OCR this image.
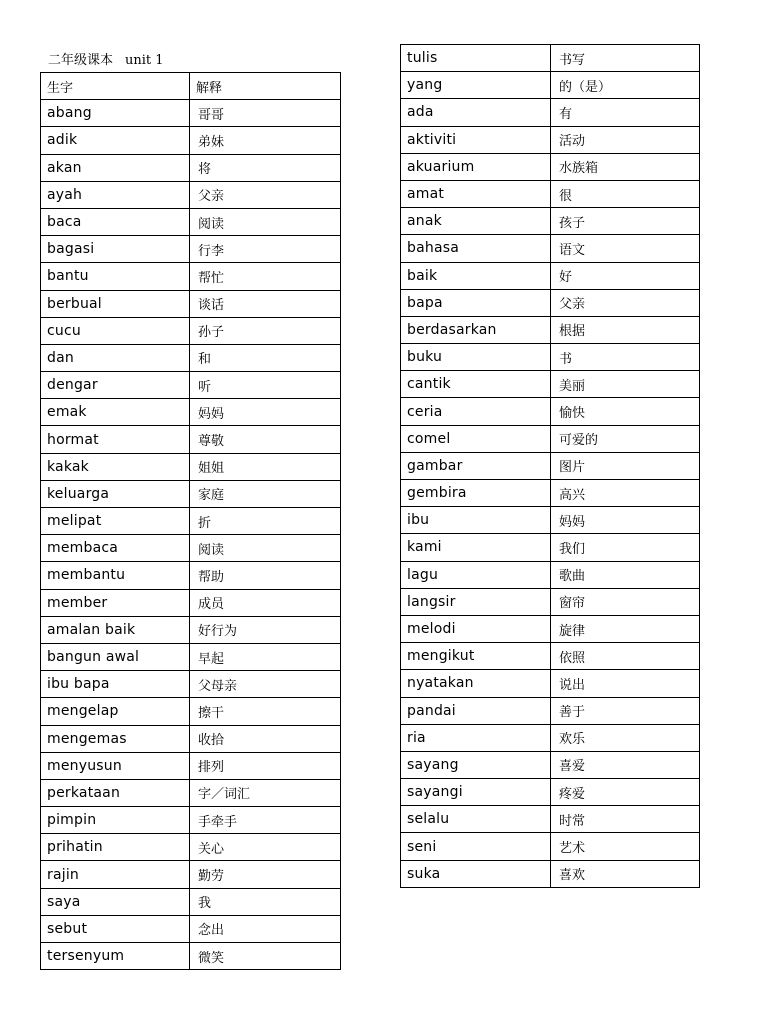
二年级课本 unit 1
生字	解释
abang	哥哥
adik	弟妹
akan	将
ayah	父亲
baca	阅读
bagasi	行李
bantu	帮忙
berbual	谈话
cucu	孙子
dan	和
dengar	听
emak	妈妈
hormat	尊敬
kakak	姐姐
keluarga	家庭
melipat	折
membaca	阅读
membantu	帮助
member	成员
amalan baik	好行为
bangun awal	早起
ibu bapa	父母亲
mengelap	擦干
mengemas	收拾
menyusun	排列
perkataan	字／词汇
pimpin	手牵手
prihatin	关心
rajin	勤劳
saya	我
sebut	念出
tersenyum	微笑
tulis	书写
yang	的（是）
ada	有
aktiviti	活动
akuarium	水族箱
amat	很
anak	孩子
bahasa	语文
baik	好
bapa	父亲
berdasarkan	根据
buku	书
cantik	美丽
ceria	愉快
comel	可爱的
gambar	图片
gembira	高兴
ibu	妈妈
kami	我们
lagu	歌曲
langsir	窗帘
melodi	旋律
mengikut	依照
nyatakan	说出
pandai	善于
ria	欢乐
sayang	喜爱
sayangi	疼爱
selalu	时常
seni	艺术
suka	喜欢
